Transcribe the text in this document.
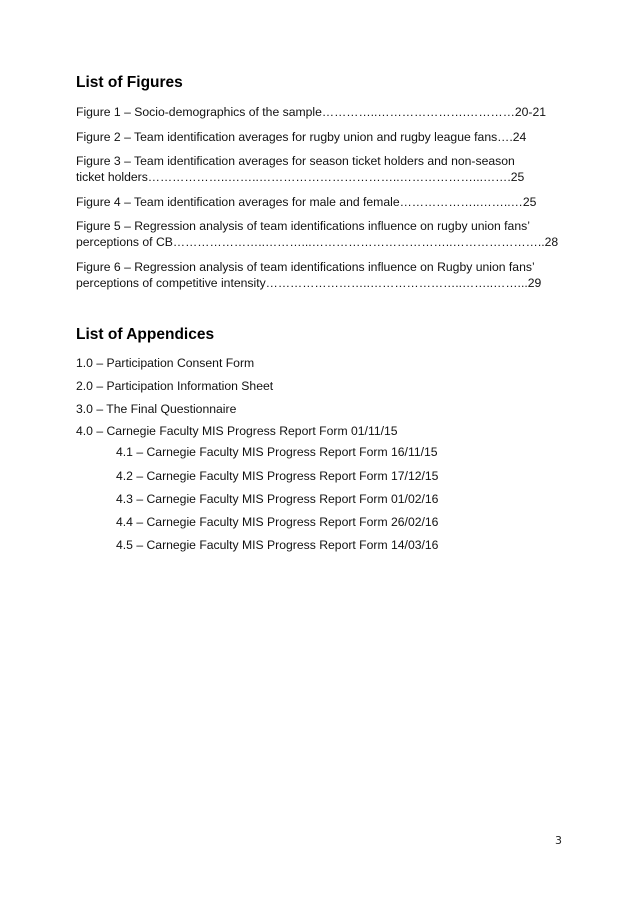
List of Figures
Figure 1 – Socio-demographics of the sample…………..………………….…………20-21
Figure 2 – Team identification averages for rugby union and rugby league fans….24
Figure 3 – Team identification averages for season ticket holders and non-season
ticket holders………………..……..……………………………..………………...…….25
Figure 4 – Team identification averages for male and female………………..……..…25
Figure 5 – Regression analysis of team identifications influence on rugby union fans’
perceptions of CB…………………..………...……………………………..…………………..28
Figure 6 – Regression analysis of team identifications influence on Rugby union fans’
perceptions of competitive intensity……………………..…………………..……..……...29
List of Appendices
1.0 – Participation Consent Form
2.0 – Participation Information Sheet
3.0 – The Final Questionnaire
4.0 – Carnegie Faculty MIS Progress Report Form 01/11/15
4.1 – Carnegie Faculty MIS Progress Report Form 16/11/15
4.2 – Carnegie Faculty MIS Progress Report Form 17/12/15
4.3 – Carnegie Faculty MIS Progress Report Form 01/02/16
4.4 – Carnegie Faculty MIS Progress Report Form 26/02/16
4.5 – Carnegie Faculty MIS Progress Report Form 14/03/16
3
